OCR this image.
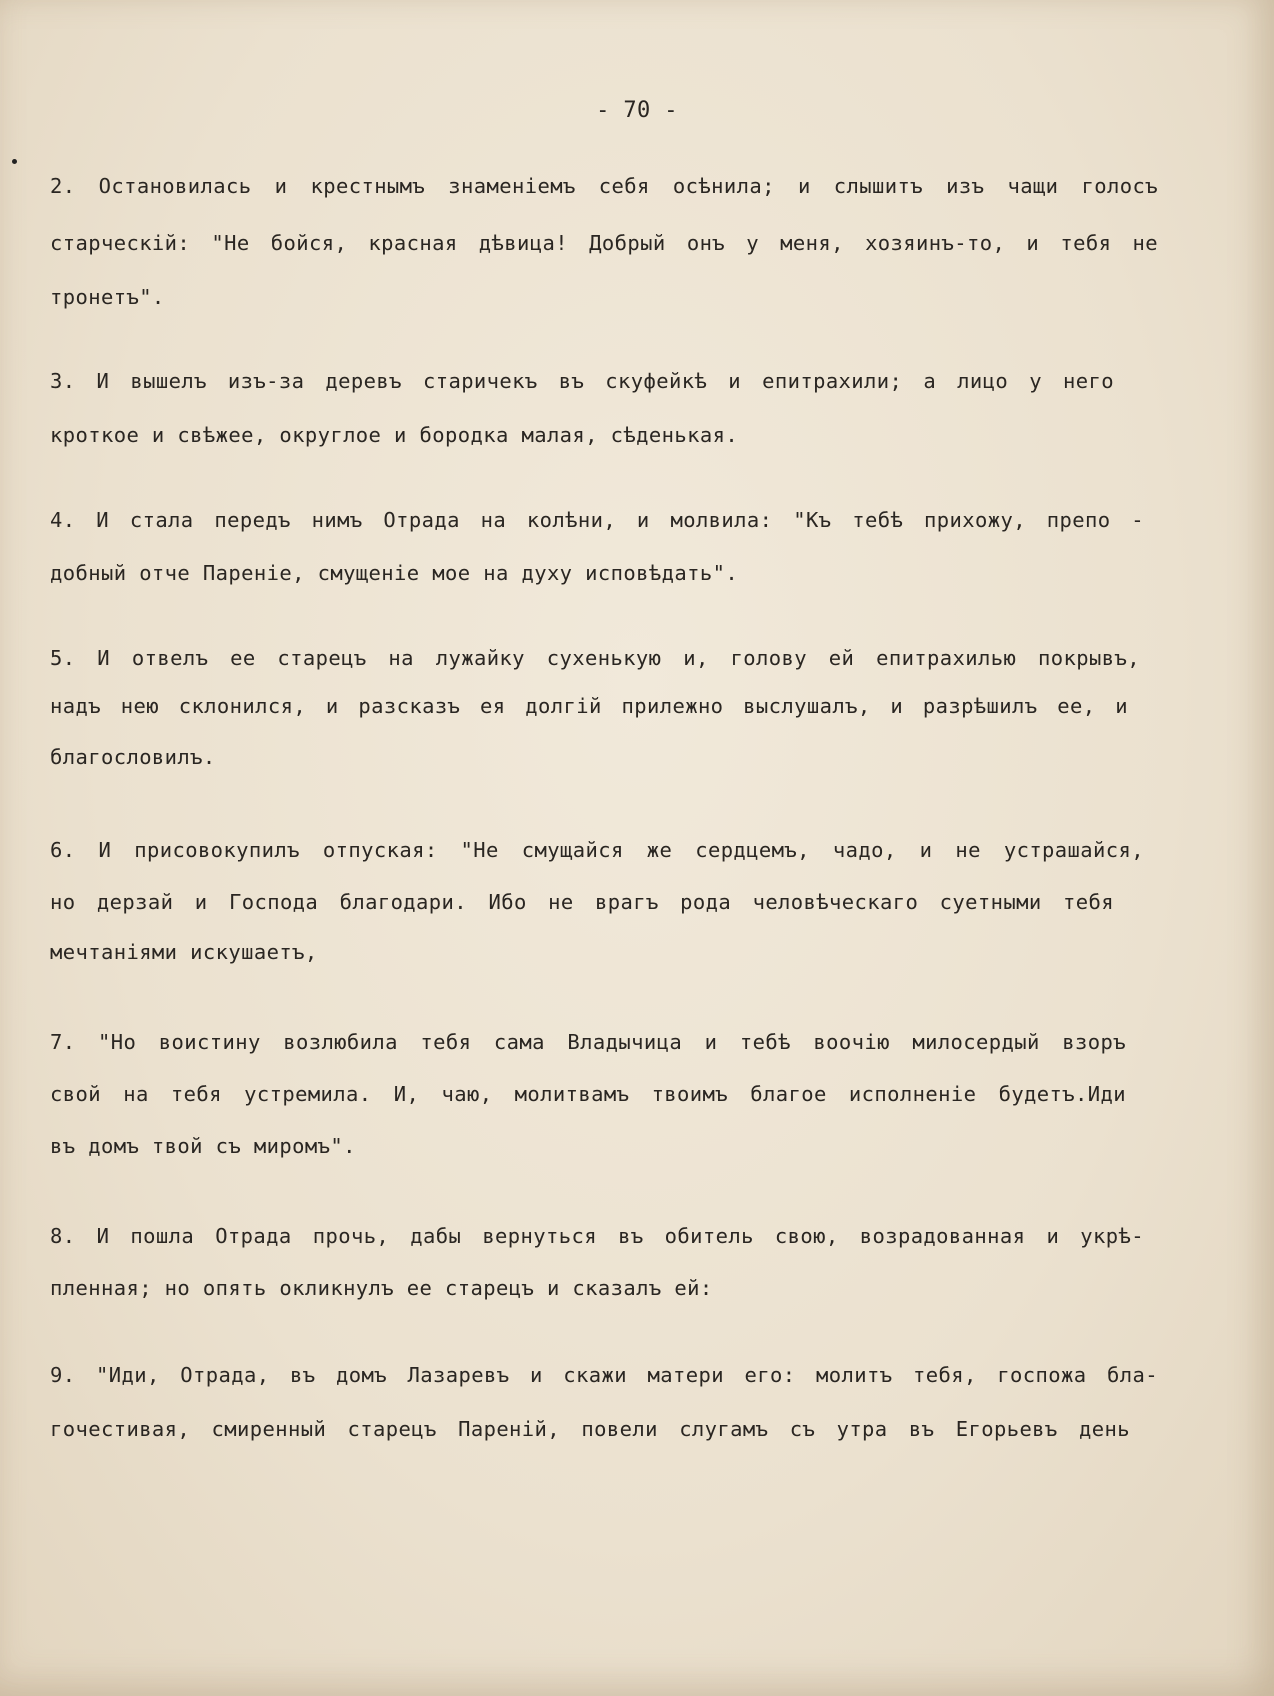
- 70 -
2. Остановилась и крестнымъ знаменіемъ себя осѣнила; и слышитъ изъ чащи голосъ
старческій: "Не бойся, красная дѣвица! Добрый онъ у меня, хозяинъ-то, и тебя не
тронетъ".
3. И вышелъ изъ-за деревъ старичекъ въ скуфейкѣ и епитрахили; а лицо у него
кроткое и свѣжее, округлое и бородка малая, сѣденькая.
4. И стала передъ нимъ Отрада на колѣни, и молвила: "Къ тебѣ прихожу, препо -
добный отче Пареніе, смущеніе мое на духу исповѣдать".
5. И отвелъ ее старецъ на лужайку сухенькую и, голову ей епитрахилью покрывъ,
надъ нею склонился, и разсказъ ея долгій прилежно выслушалъ, и разрѣшилъ ее, и
благословилъ.
6. И присовокупилъ отпуская: "Не смущайся же сердцемъ, чадо, и не устрашайся,
но дерзай и Господа благодари. Ибо не врагъ рода человѣческаго суетными тебя
мечтаніями искушаетъ,
7. "Но воистину возлюбила тебя сама Владычица и тебѣ воочію милосердый взоръ
свой на тебя устремила. И, чаю, молитвамъ твоимъ благое исполненіе будетъ.Иди
въ домъ твой съ миромъ".
8. И пошла Отрада прочь, дабы вернуться въ обитель свою, возрадованная и укрѣ-
пленная; но опять окликнулъ ее старецъ и сказалъ ей:
9. "Иди, Отрада, въ домъ Лазаревъ и скажи матери его: молитъ тебя, госпожа бла-
гочестивая, смиренный старецъ Пареній, повели слугамъ съ утра въ Егорьевъ день
